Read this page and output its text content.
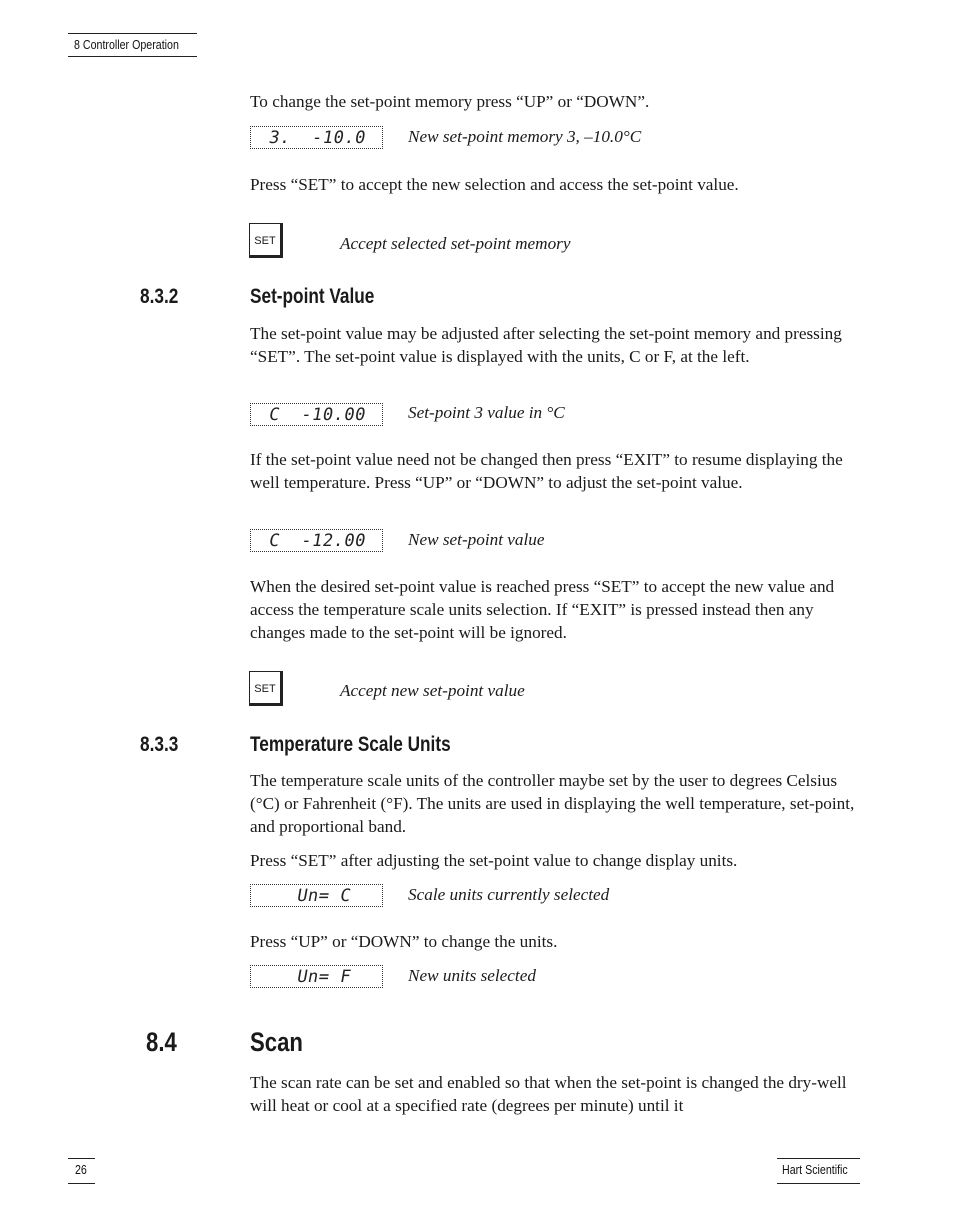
8 Controller Operation
To change the set-point memory press “UP” or “DOWN”.
3.  -10.0 New set-point memory 3, –10.0°C
Press “SET” to accept the new selection and access the set-point value.
SET	Accept selected set-point memory
8.3.2	Set-point Value
The set-point value may be adjusted after selecting the set-point memory and pressing “SET”. The set-point value is displayed with the units, C or F, at the left.
C  -10.00 Set-point 3 value in °C
If the set-point value need not be changed then press “EXIT” to resume displaying the well temperature. Press “UP” or “DOWN” to adjust the set-point value.
C  -12.00 New set-point value
When the desired set-point value is reached press “SET” to accept the new value and access the temperature scale units selection. If “EXIT” is pressed instead then any changes made to the set-point will be ignored.
SET	Accept new set-point value
8.3.3	Temperature Scale Units
The temperature scale units of the controller maybe set by the user to degrees Celsius (°C) or Fahrenheit (°F). The units are used in displaying the well temperature, set-point, and proportional band.
Press “SET” after adjusting the set-point value to change display units.
Un= C	Scale units currently selected
Press “UP” or “DOWN” to change the units.
Un= F	New units selected
8.4	Scan
The scan rate can be set and enabled so that when the set-point is changed the dry-well will heat or cool at a specified rate (degrees per minute) until it
26	Hart Scientific
